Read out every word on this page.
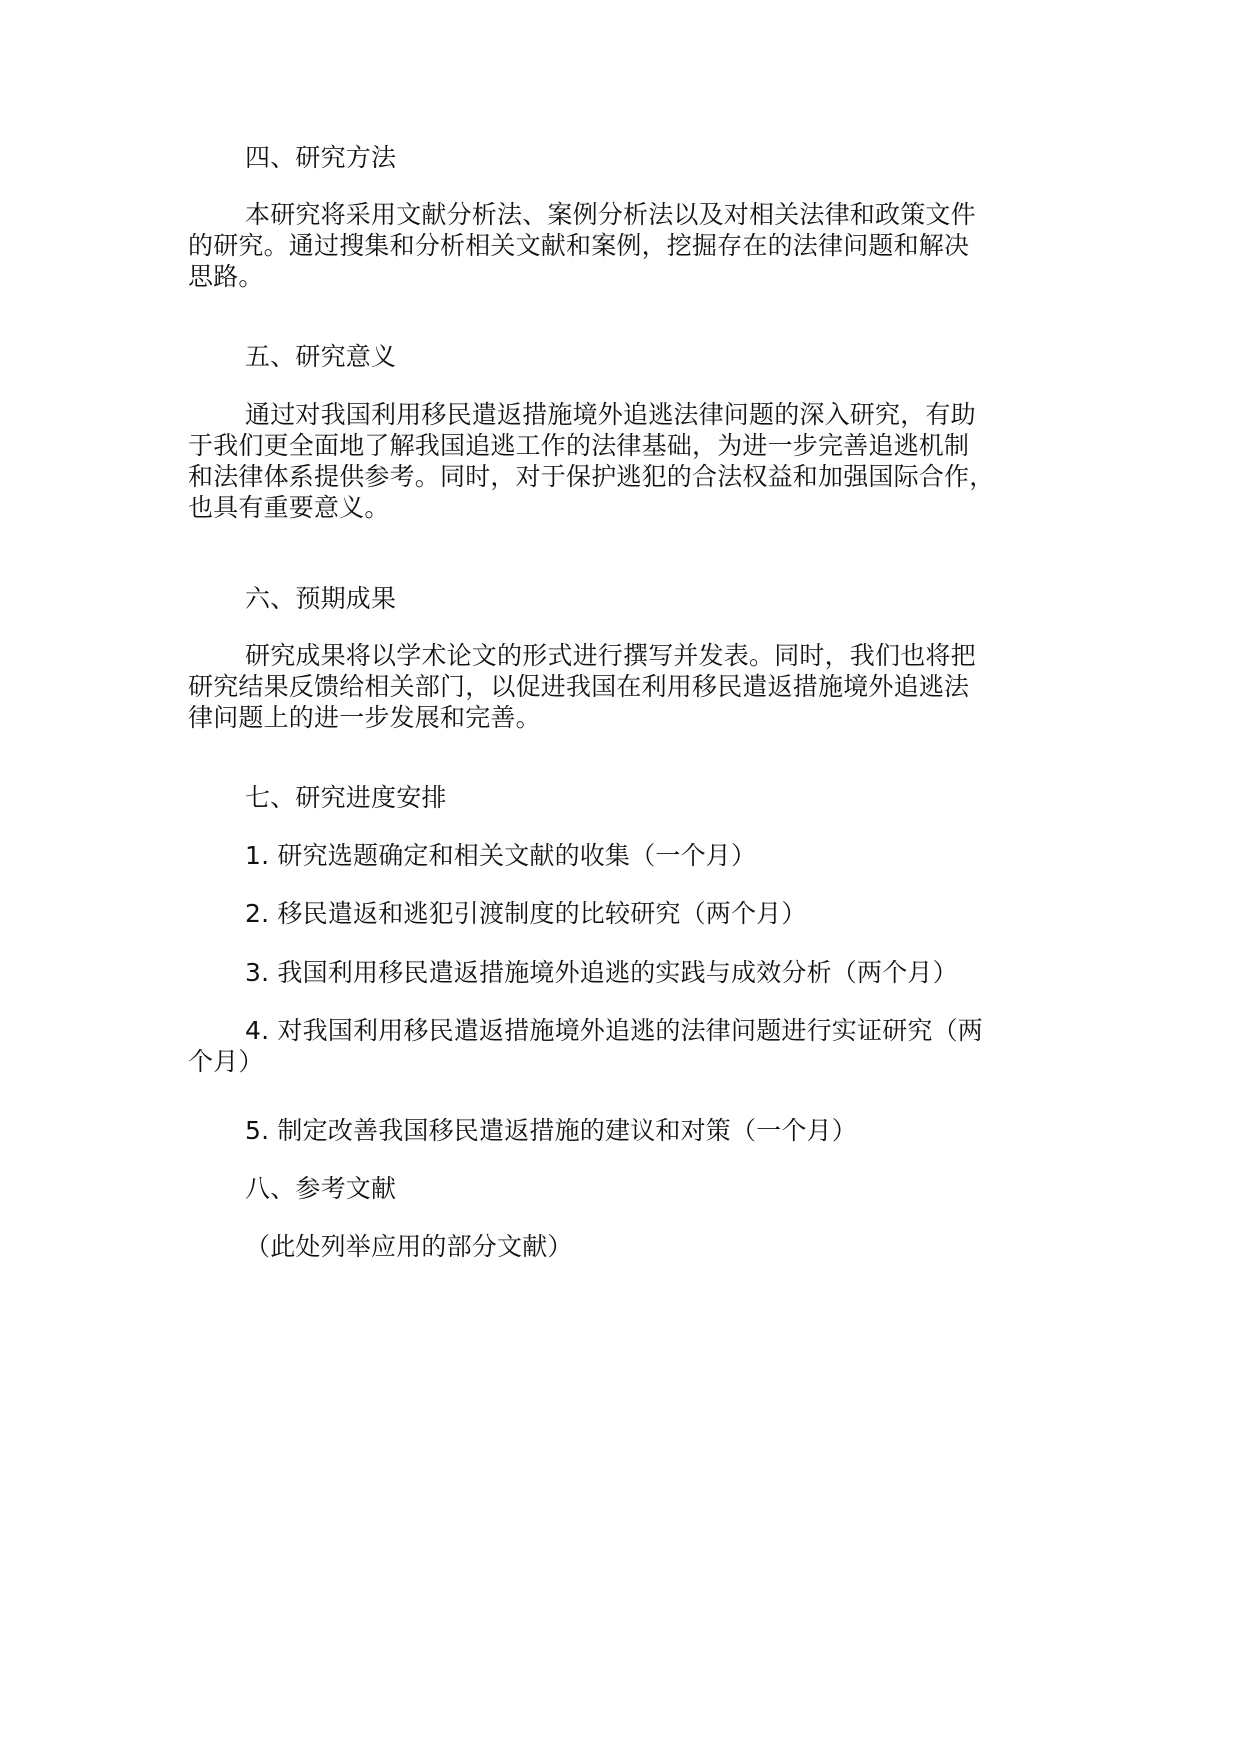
四、研究方法
本研究将采用文献分析法、案例分析法以及对相关法律和政策文件
的研究。通过搜集和分析相关文献和案例，挖掘存在的法律问题和解决
思路。
五、研究意义
通过对我国利用移民遣返措施境外追逃法律问题的深入研究，有助
于我们更全面地了解我国追逃工作的法律基础，为进一步完善追逃机制
和法律体系提供参考。同时，对于保护逃犯的合法权益和加强国际合作，
也具有重要意义。
六、预期成果
研究成果将以学术论文的形式进行撰写并发表。同时，我们也将把
研究结果反馈给相关部门，以促进我国在利用移民遣返措施境外追逃法
律问题上的进一步发展和完善。
七、研究进度安排
1. 研究选题确定和相关文献的收集（一个月）
2. 移民遣返和逃犯引渡制度的比较研究（两个月）
3. 我国利用移民遣返措施境外追逃的实践与成效分析（两个月）
4. 对我国利用移民遣返措施境外追逃的法律问题进行实证研究（两
个月）
5. 制定改善我国移民遣返措施的建议和对策（一个月）
八、参考文献
（此处列举应用的部分文献）
